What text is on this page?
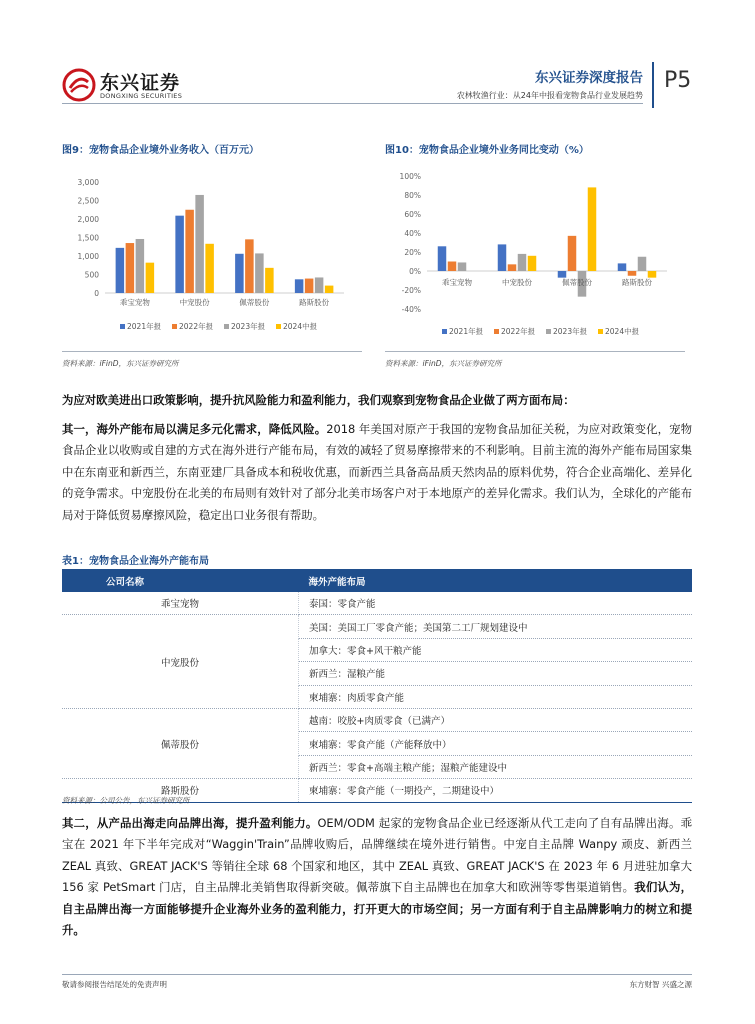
东兴证券
DONGXING SECURITIES
东兴证券深度报告
农林牧渔行业：从24年中报看宠物食品行业发展趋势
P5
图9：宠物食品企业境外业务收入（百万元）
0
500
1,000
1,500
2,000
2,500
3,000
乖宝宠物	中宠股份	佩蒂股份	路斯股份
2021年报 2022年报 2023年报 2024中报
资料来源：iFinD，东兴证券研究所
图10：宠物食品企业境外业务同比变动（%）
-40%
-20%
0%
20%
40%
60%
80%
100%
乖宝宠物	中宠股份	佩蒂股份	路斯股份
2021年报 2022年报 2023年报 2024中报
资料来源：iFinD，东兴证券研究所
为应对欧美进出口政策影响，提升抗风险能力和盈利能力，我们观察到宠物食品企业做了两方面布局：
其一，海外产能布局以满足多元化需求，降低风险。2018 年美国对原产于我国的宠物食品加征关税，为应对政策变化，宠物食品企业以收购或自建的方式在海外进行产能布局，有效的减轻了贸易摩擦带来的不利影响。目前主流的海外产能布局国家集中在东南亚和新西兰，东南亚建厂具备成本和税收优惠，而新西兰具备高品质天然肉品的原料优势，符合企业高端化、差异化的竞争需求。中宠股份在北美的布局则有效针对了部分北美市场客户对于本地原产的差异化需求。我们认为，全球化的产能布局对于降低贸易摩擦风险，稳定出口业务很有帮助。
表1：宠物食品企业海外产能布局
公司名称	海外产能布局
乖宝宠物	泰国：零食产能
中宠股份	美国：美国工厂零食产能；美国第二工厂规划建设中
	加拿大：零食+风干粮产能
	新西兰：湿粮产能
	柬埔寨：肉质零食产能
佩蒂股份	越南：咬胶+肉质零食（已满产）
	柬埔寨：零食产能（产能释放中）
	新西兰：零食+高端主粮产能；湿粮产能建设中
路斯股份	柬埔寨：零食产能（一期投产，二期建设中）
资料来源：公司公告，东兴证券研究所
其二，从产品出海走向品牌出海，提升盈利能力。OEM/ODM 起家的宠物食品企业已经逐渐从代工走向了自有品牌出海。乖宝在 2021 年下半年完成对“Waggin'Train”品牌收购后，品牌继续在境外进行销售。中宠自主品牌 Wanpy 顽皮、新西兰 ZEAL 真致、GREAT JACK'S 等销往全球 68 个国家和地区，其中 ZEAL 真致、GREAT JACK'S 在 2023 年 6 月进驻加拿大 156 家 PetSmart 门店，自主品牌北美销售取得新突破。佩蒂旗下自主品牌也在加拿大和欧洲等零售渠道销售。我们认为，自主品牌出海一方面能够提升企业海外业务的盈利能力，打开更大的市场空间；另一方面有利于自主品牌影响力的树立和提升。
敬请参阅报告结尾处的免责声明	东方财智 兴盛之源
